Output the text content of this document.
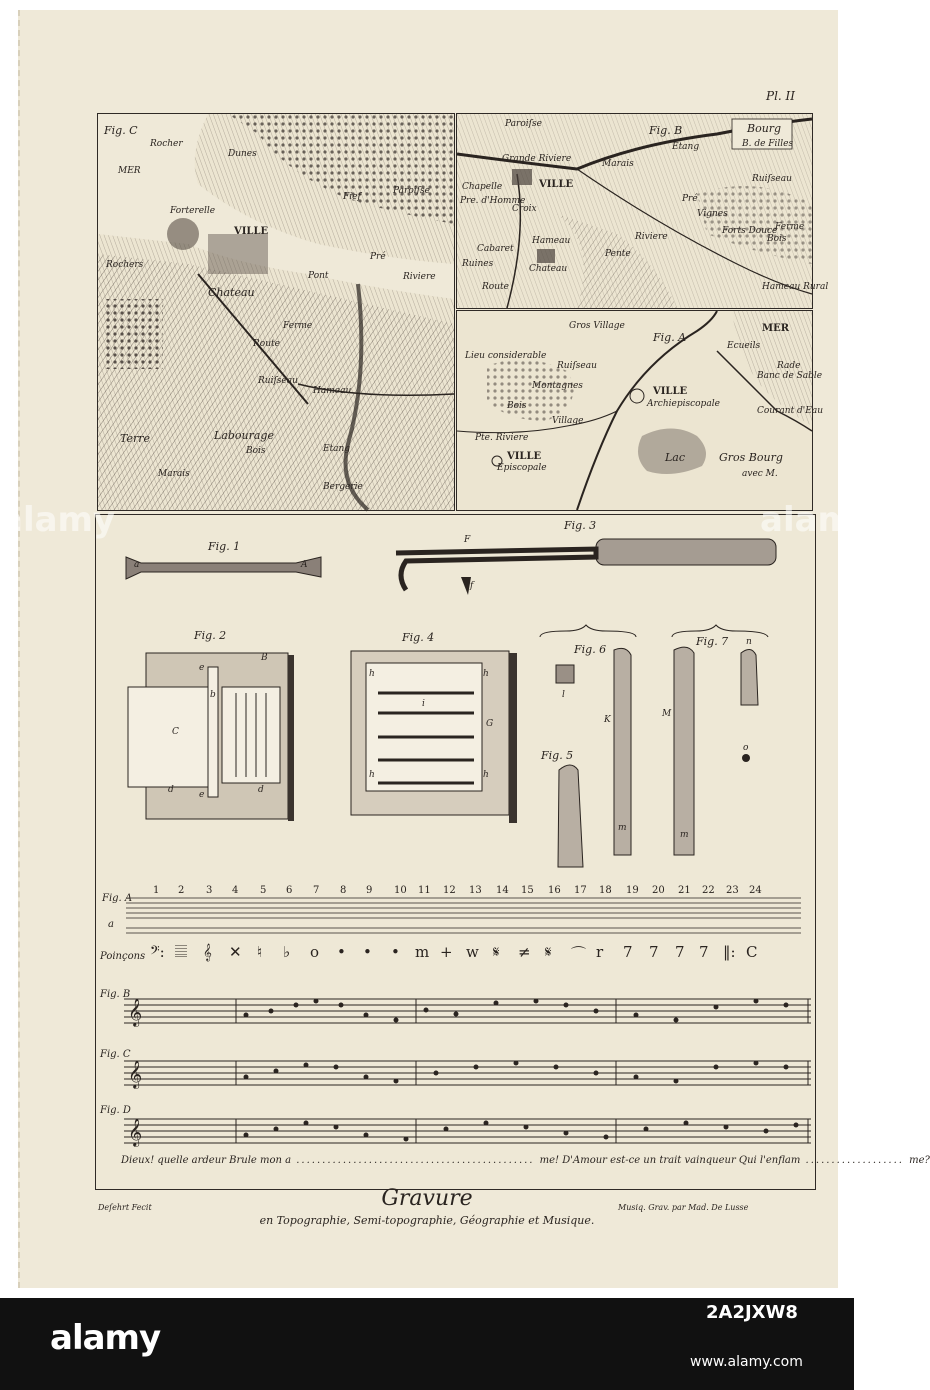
Pl. II
Fig. C
MER
Rocher
Dunes
Forterelle
VILLE
Paroiſse
Fief
Pré
Riviere
Chateau
Ferme
Route
Ruiſseau
Hameau
Terre	Labourage
Bois
Marais
Rochers
Bergerie
Etang
Pont
Paroiſse	Fig. B	Bourg
B. de Filles
Grande Riviere
VILLE
Chapelle
Pre. d'Homme
Croix
Marais
Etang
Pré
Vignes
Bois
Forts Douce
Ferme
Ruiſseau
Cabaret
Hameau
Chateau
Ruines
Route
Pente
Riviere
Hameau Rural
Gros Village
Lieu considerable
Ruiſseau
Montagnes
Bois
Fig. A
VILLE
Archiepiscopale
Village
Pte. Riviere
VILLE
Episcopale
Lac	Gros Bourg
avec M.
MER
Ecueils
Banc de Sable
Rade
Courant d'Eau
𝄞
𝄞
𝄞
Fig. 1
a	A
Fig. 3
F
f
Fig. 2
B
e
b
C
d	e	d
Fig. 4
h	h
i
G
h	h
Fig. 6
l
K
m
Fig. 7 n
M
m
o
Fig. 5
Fig. A
a
1 2 3 4 5 6 7 8 9 10 11 12 13 14 15 16 17 18 19 20 21 22 23 24
Poinçons 𝄢: 𝄚 𝄞 ✕ ♮ ♭ o • • • m + w 𝄋 ≠ 𝄋 ⌒ r 7 7 7 7 ‖: C
Fig. B
Fig. C
Fig. D
Dieux! quelle ardeur Brule mon a .............................................. me! D'Amour est-ce un trait vainqueur Qui l'enflam ................... me?
Deſehrt Fecit	Musiq. Grav. par Mad. De Lusse
Gravure
en Topographie, Semi-topographie, Géographie et Musique.
alamy	alamy
alamy
2A2JXW8
www.alamy.com
